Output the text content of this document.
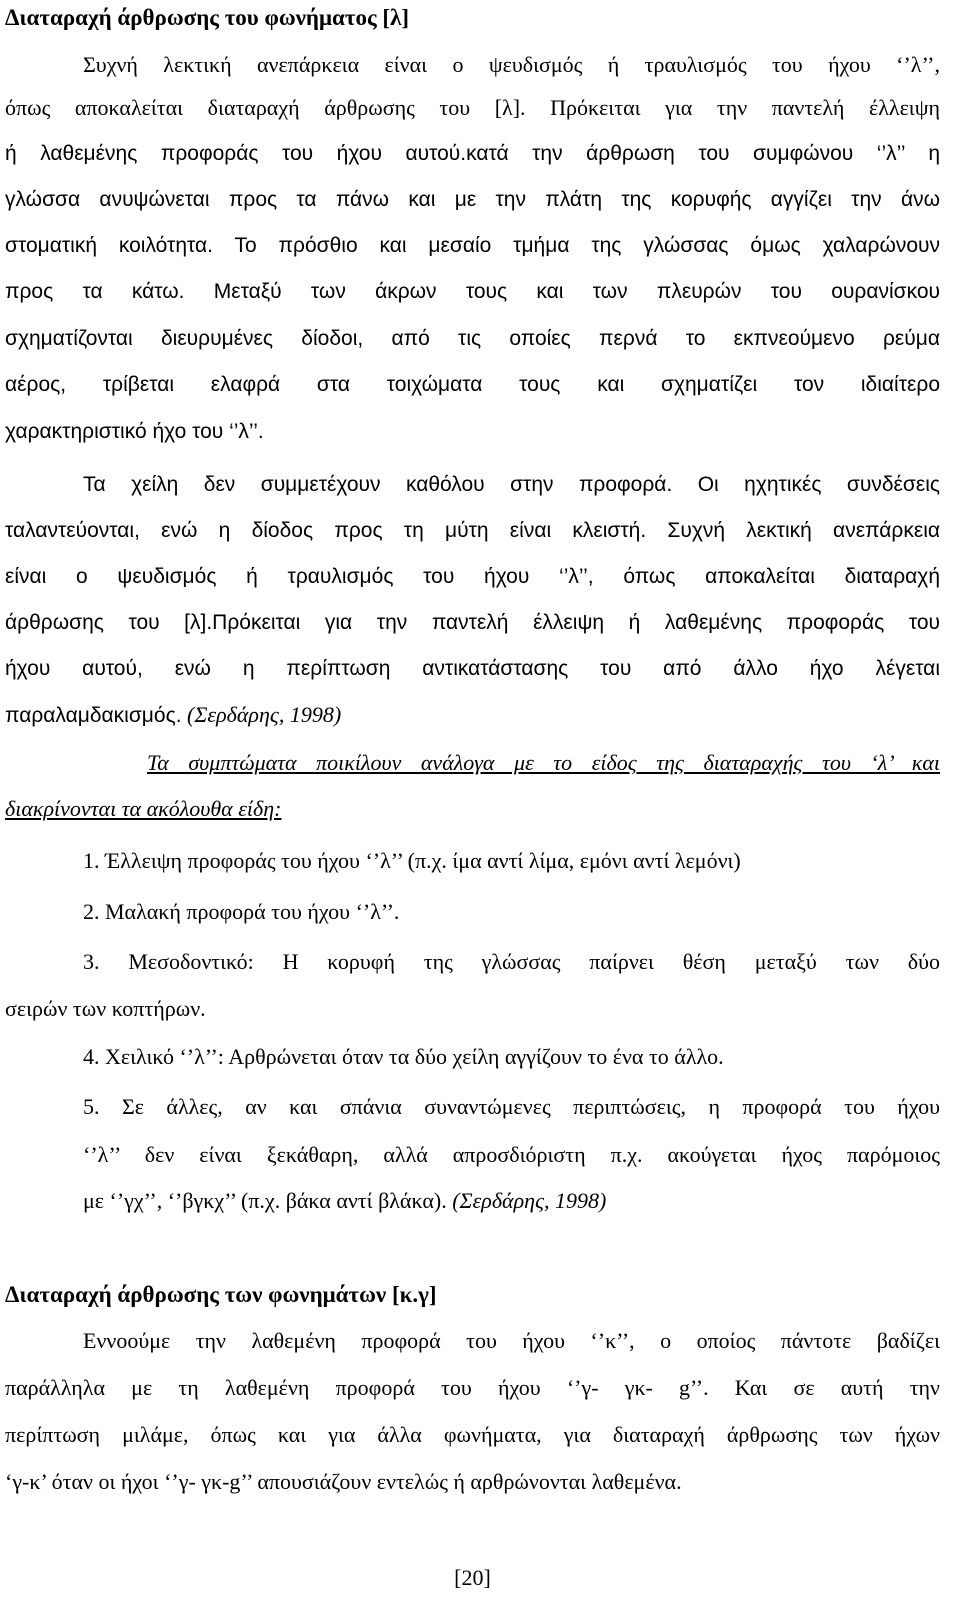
Διαταραχή άρθρωσης του φωνήματος [λ]
Συχνή λεκτική ανεπάρκεια είναι ο ψευδισμός ή τραυλισμός του ήχου ‘’λ’’,
όπως αποκαλείται διαταραχή άρθρωσης του [λ]. Πρόκειται για την παντελή έλλειψη
ή λαθεμένης προφοράς του ήχου αυτού.κατά την άρθρωση του συμφώνου ‘’λ’’ η
γλώσσα ανυψώνεται προς τα πάνω και με την πλάτη της κορυφής αγγίζει την άνω
στοματική κοιλότητα. Το πρόσθιο και μεσαίο τμήμα της γλώσσας όμως χαλαρώνουν
προς τα κάτω. Μεταξύ των άκρων τους και των πλευρών του ουρανίσκου
σχηματίζονται διευρυμένες δίοδοι, από τις οποίες περνά το εκπνεούμενο ρεύμα
αέρος, τρίβεται ελαφρά στα τοιχώματα τους και σχηματίζει τον ιδιαίτερο
χαρακτηριστικό ήχο του ‘’λ’’.
Τα χείλη δεν συμμετέχουν καθόλου στην προφορά. Οι ηχητικές συνδέσεις
ταλαντεύονται, ενώ η δίοδος προς τη μύτη είναι κλειστή. Συχνή λεκτική ανεπάρκεια
είναι ο ψευδισμός ή τραυλισμός του ήχου ‘’λ’’, όπως αποκαλείται διαταραχή
άρθρωσης του [λ].Πρόκειται για την παντελή έλλειψη ή λαθεμένης προφοράς του
ήχου αυτού, ενώ η περίπτωση αντικατάστασης του από άλλο ήχο λέγεται
παραλαμδακισμός. (Σερδάρης, 1998)
Τα συμπτώματα ποικίλουν ανάλογα με το είδος της διαταραχής του ‘λ’ και
διακρίνονται τα ακόλουθα είδη:
1. Έλλειψη προφοράς του ήχου ‘’λ’’ (π.χ. ίμα αντί λίμα, εμόνι αντί λεμόνι)
2. Μαλακή προφορά του ήχου ‘’λ’’.
3. Μεσοδοντικό: Η κορυφή της γλώσσας παίρνει θέση μεταξύ των δύο
σειρών των κοπτήρων.
4. Χειλικό ‘’λ’’: Αρθρώνεται όταν τα δύο χείλη αγγίζουν το ένα το άλλο.
5. Σε άλλες, αν και σπάνια συναντώμενες περιπτώσεις, η προφορά του ήχου
‘’λ’’ δεν είναι ξεκάθαρη, αλλά απροσδιόριστη π.χ. ακούγεται ήχος παρόμοιος
με ‘’γχ’’, ‘’βγκχ’’ (π.χ. βάκα αντί βλάκα). (Σερδάρης, 1998)
Διαταραχή άρθρωσης των φωνημάτων [κ.γ]
Εννοούμε την λαθεμένη προφορά του ήχου ‘’κ’’, ο οποίος πάντοτε βαδίζει
παράλληλα με τη λαθεμένη προφορά του ήχου ‘’γ- γκ- g’’. Και σε αυτή την
περίπτωση μιλάμε, όπως και για άλλα φωνήματα, για διαταραχή άρθρωσης των ήχων
‘γ-κ’ όταν οι ήχοι ‘’γ- γκ-g’’ απουσιάζουν εντελώς ή αρθρώνονται λαθεμένα.
[20]
